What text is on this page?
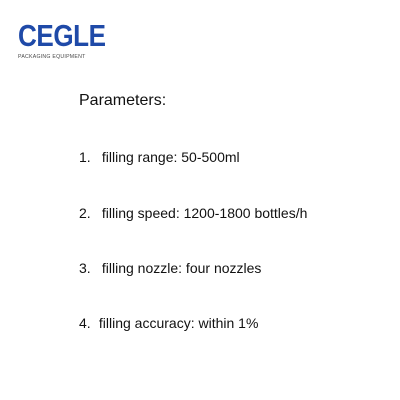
CEGLE
PACKAGING EQUIPMENT
Parameters:
1. filling range: 50-500ml
2. filling speed: 1200-1800 bottles/h
3. filling nozzle: four nozzles
4. filling accuracy: within 1%
